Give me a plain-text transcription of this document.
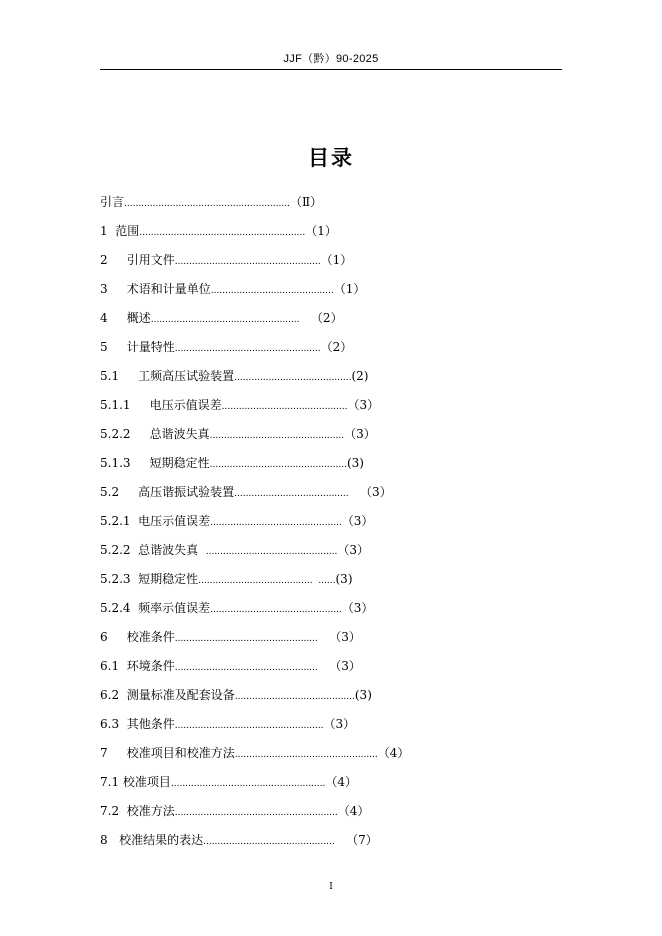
JJF（黔）90-2025
目录
引言..........................................................（Ⅱ）
1  范围..........................................................（1）
2     引用文件...................................................（1）
3     术语和计量单位...........................................（1）
4     概述....................................................   （2）
5     计量特性...................................................（2）
5.1     工频高压试验装置.........................................(2)
5.1.1     电压示值误差............................................（3）
5.2.2     总谐波失真...............................................（3）
5.1.3     短期稳定性................................................(3)
5.2     高压谐振试验装置........................................   （3）
5.2.1  电压示值误差..............................................（3）
5.2.2  总谐波失真  ..............................................（3）
5.2.3  短期稳定性........................................  ......(3)
5.2.4  频率示值误差..............................................（3）
6     校准条件..................................................   （3）
6.1  环境条件..................................................   （3）
6.2  测量标准及配套设备..........................................(3)
6.3  其他条件....................................................（3）
7     校准项目和校准方法..................................................（4）
7.1 校准项目......................................................（4）
7.2  校准方法.........................................................（4）
8   校准结果的表达..............................................   （7）
I
